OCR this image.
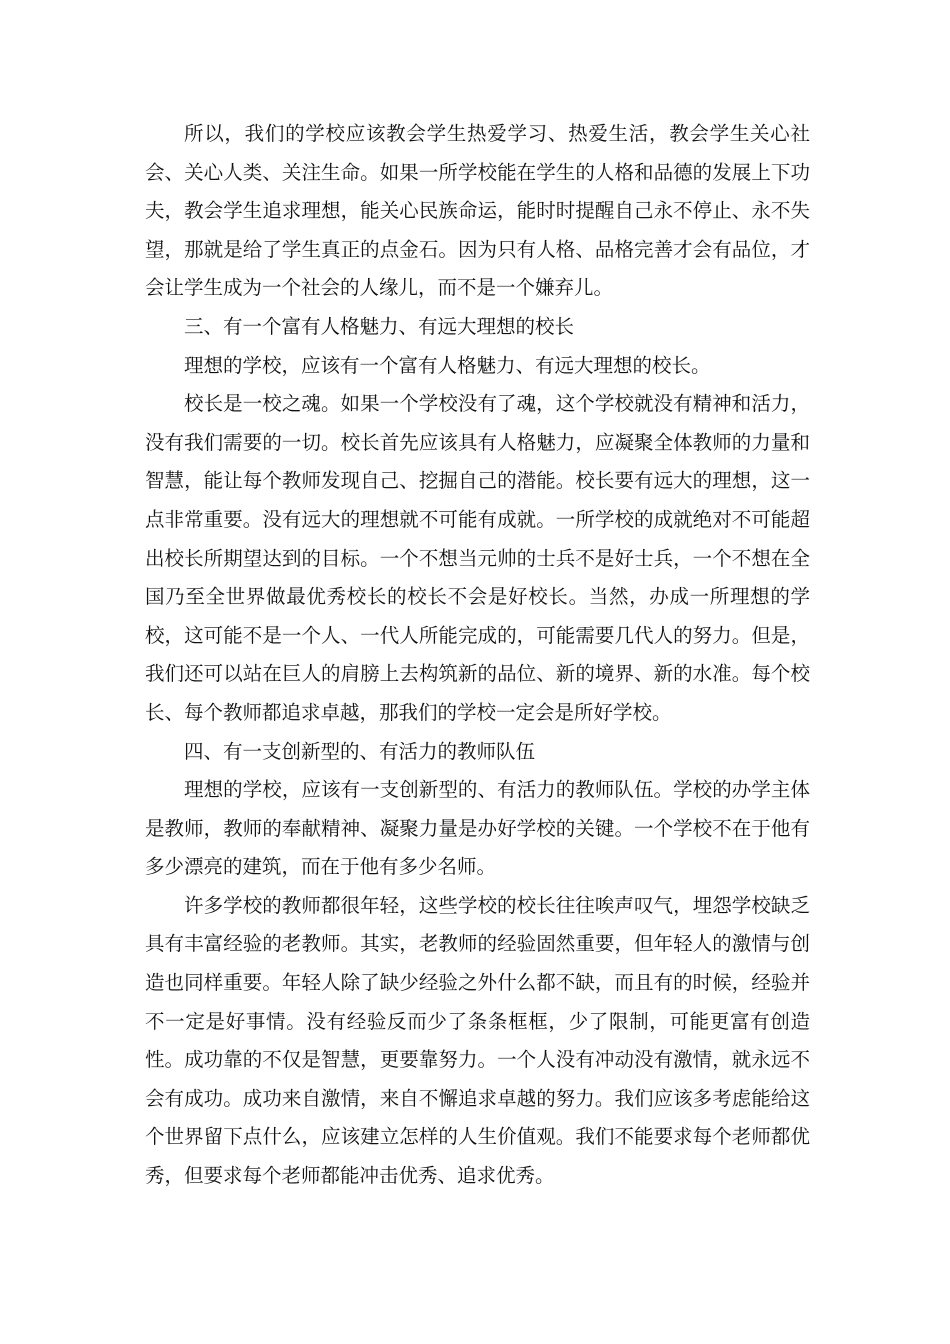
所以，我们的学校应该教会学生热爱学习、热爱生活，教会学生关心社会、关心人类、关注生命。如果一所学校能在学生的人格和品德的发展上下功夫，教会学生追求理想，能关心民族命运，能时时提醒自己永不停止、永不失望，那就是给了学生真正的点金石。因为只有人格、品格完善才会有品位，才会让学生成为一个社会的人缘儿，而不是一个嫌弃儿。

三、有一个富有人格魅力、有远大理想的校长

理想的学校，应该有一个富有人格魅力、有远大理想的校长。

校长是一校之魂。如果一个学校没有了魂，这个学校就没有精神和活力，没有我们需要的一切。校长首先应该具有人格魅力，应凝聚全体教师的力量和智慧，能让每个教师发现自己、挖掘自己的潜能。校长要有远大的理想，这一点非常重要。没有远大的理想就不可能有成就。一所学校的成就绝对不可能超出校长所期望达到的目标。一个不想当元帅的士兵不是好士兵，一个不想在全国乃至全世界做最优秀校长的校长不会是好校长。当然，办成一所理想的学校，这可能不是一个人、一代人所能完成的，可能需要几代人的努力。但是，我们还可以站在巨人的肩膀上去构筑新的品位、新的境界、新的水准。每个校长、每个教师都追求卓越，那我们的学校一定会是所好学校。

四、有一支创新型的、有活力的教师队伍

理想的学校，应该有一支创新型的、有活力的教师队伍。学校的办学主体是教师，教师的奉献精神、凝聚力量是办好学校的关键。一个学校不在于他有多少漂亮的建筑，而在于他有多少名师。

许多学校的教师都很年轻，这些学校的校长往往唉声叹气，埋怨学校缺乏具有丰富经验的老教师。其实，老教师的经验固然重要，但年轻人的激情与创造也同样重要。年轻人除了缺少经验之外什么都不缺，而且有的时候，经验并不一定是好事情。没有经验反而少了条条框框，少了限制，可能更富有创造性。成功靠的不仅是智慧，更要靠努力。一个人没有冲动没有激情，就永远不会有成功。成功来自激情，来自不懈追求卓越的努力。我们应该多考虑能给这个世界留下点什么，应该建立怎样的人生价值观。我们不能要求每个老师都优秀，但要求每个老师都能冲击优秀、追求优秀。
